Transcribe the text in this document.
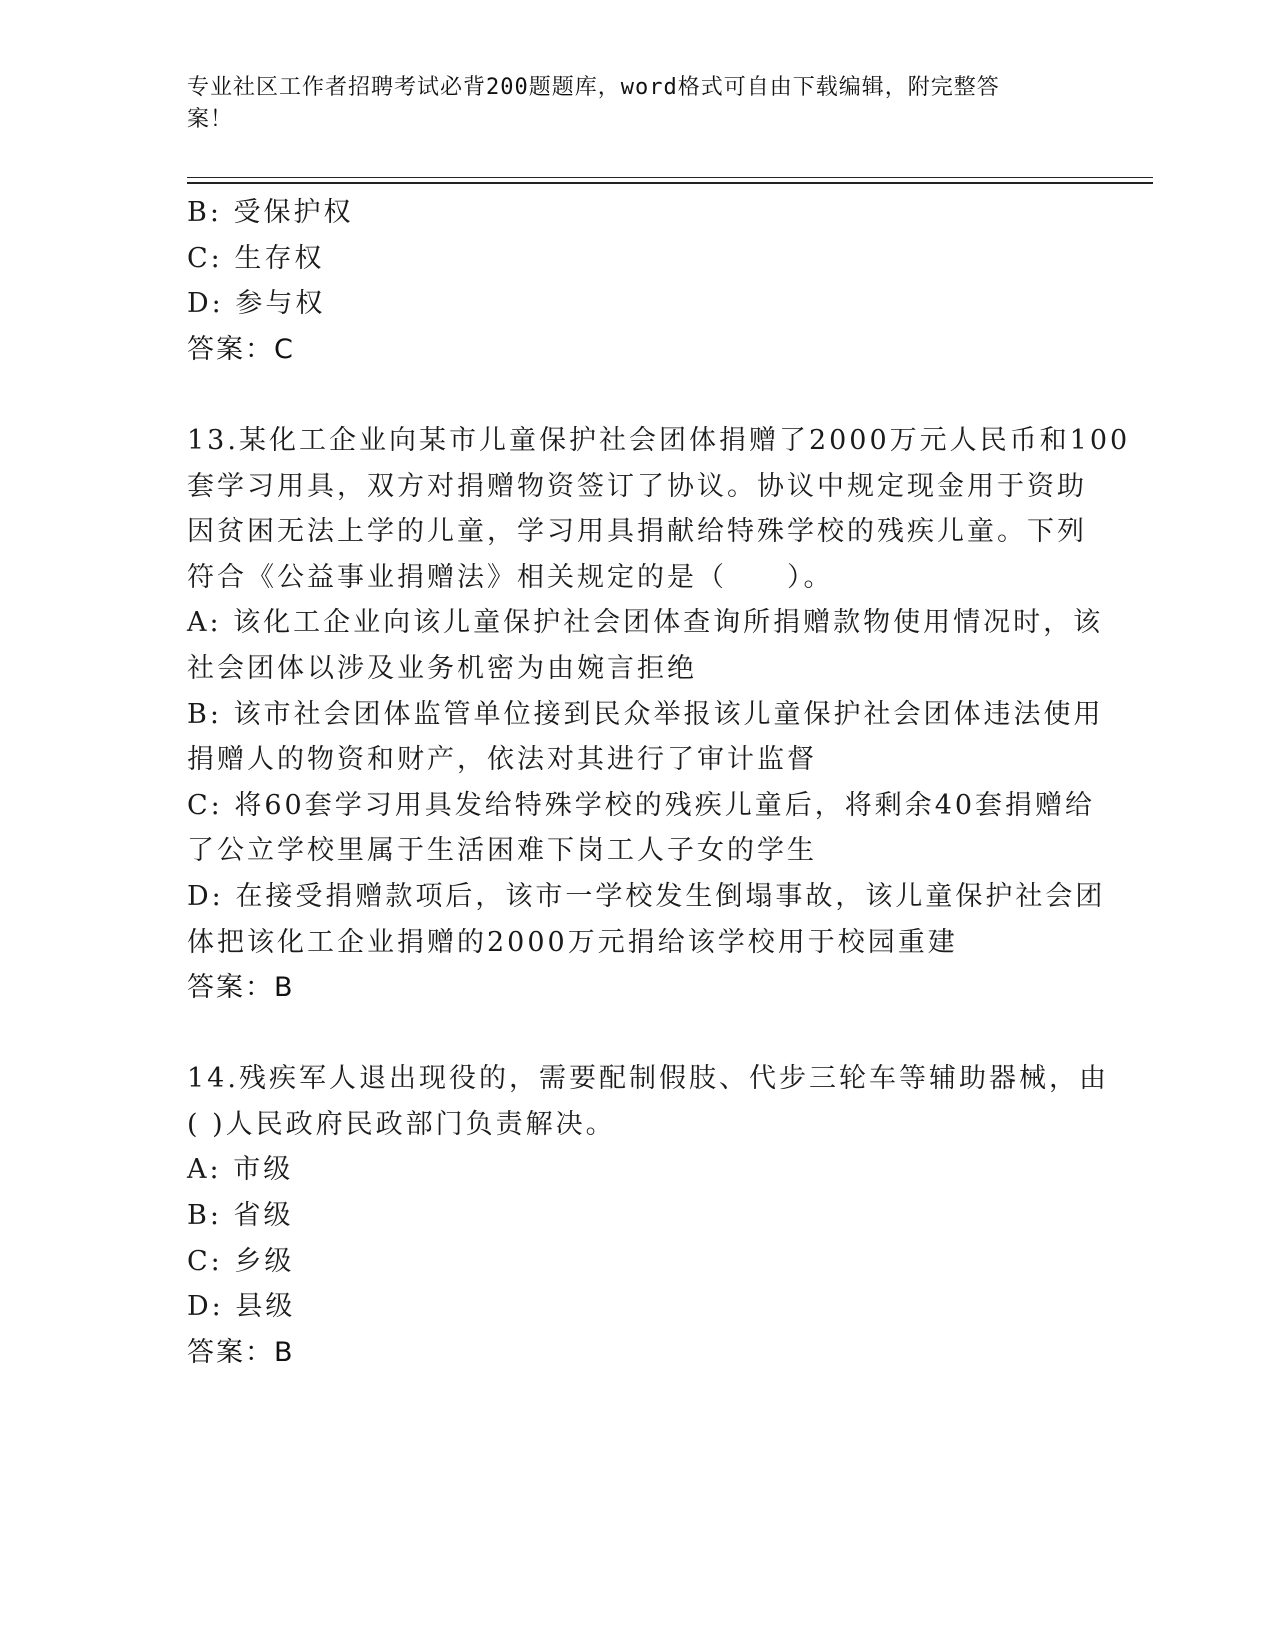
专业社区工作者招聘考试必背200题题库，word格式可自由下载编辑，附完整答
案！
B: 受保护权
C: 生存权
D: 参与权
答案：C
13.某化工企业向某市儿童保护社会团体捐赠了2000万元人民币和100
套学习用具，双方对捐赠物资签订了协议。协议中规定现金用于资助
因贫困无法上学的儿童，学习用具捐献给特殊学校的残疾儿童。下列
符合《公益事业捐赠法》相关规定的是（　　）。
A: 该化工企业向该儿童保护社会团体查询所捐赠款物使用情况时，该
社会团体以涉及业务机密为由婉言拒绝
B: 该市社会团体监管单位接到民众举报该儿童保护社会团体违法使用
捐赠人的物资和财产，依法对其进行了审计监督
C: 将60套学习用具发给特殊学校的残疾儿童后，将剩余40套捐赠给
了公立学校里属于生活困难下岗工人子女的学生
D: 在接受捐赠款项后，该市一学校发生倒塌事故，该儿童保护社会团
体把该化工企业捐赠的2000万元捐给该学校用于校园重建
答案：B
14.残疾军人退出现役的，需要配制假肢、代步三轮车等辅助器械，由
( )人民政府民政部门负责解决。
A: 市级
B: 省级
C: 乡级
D: 县级
答案：B
